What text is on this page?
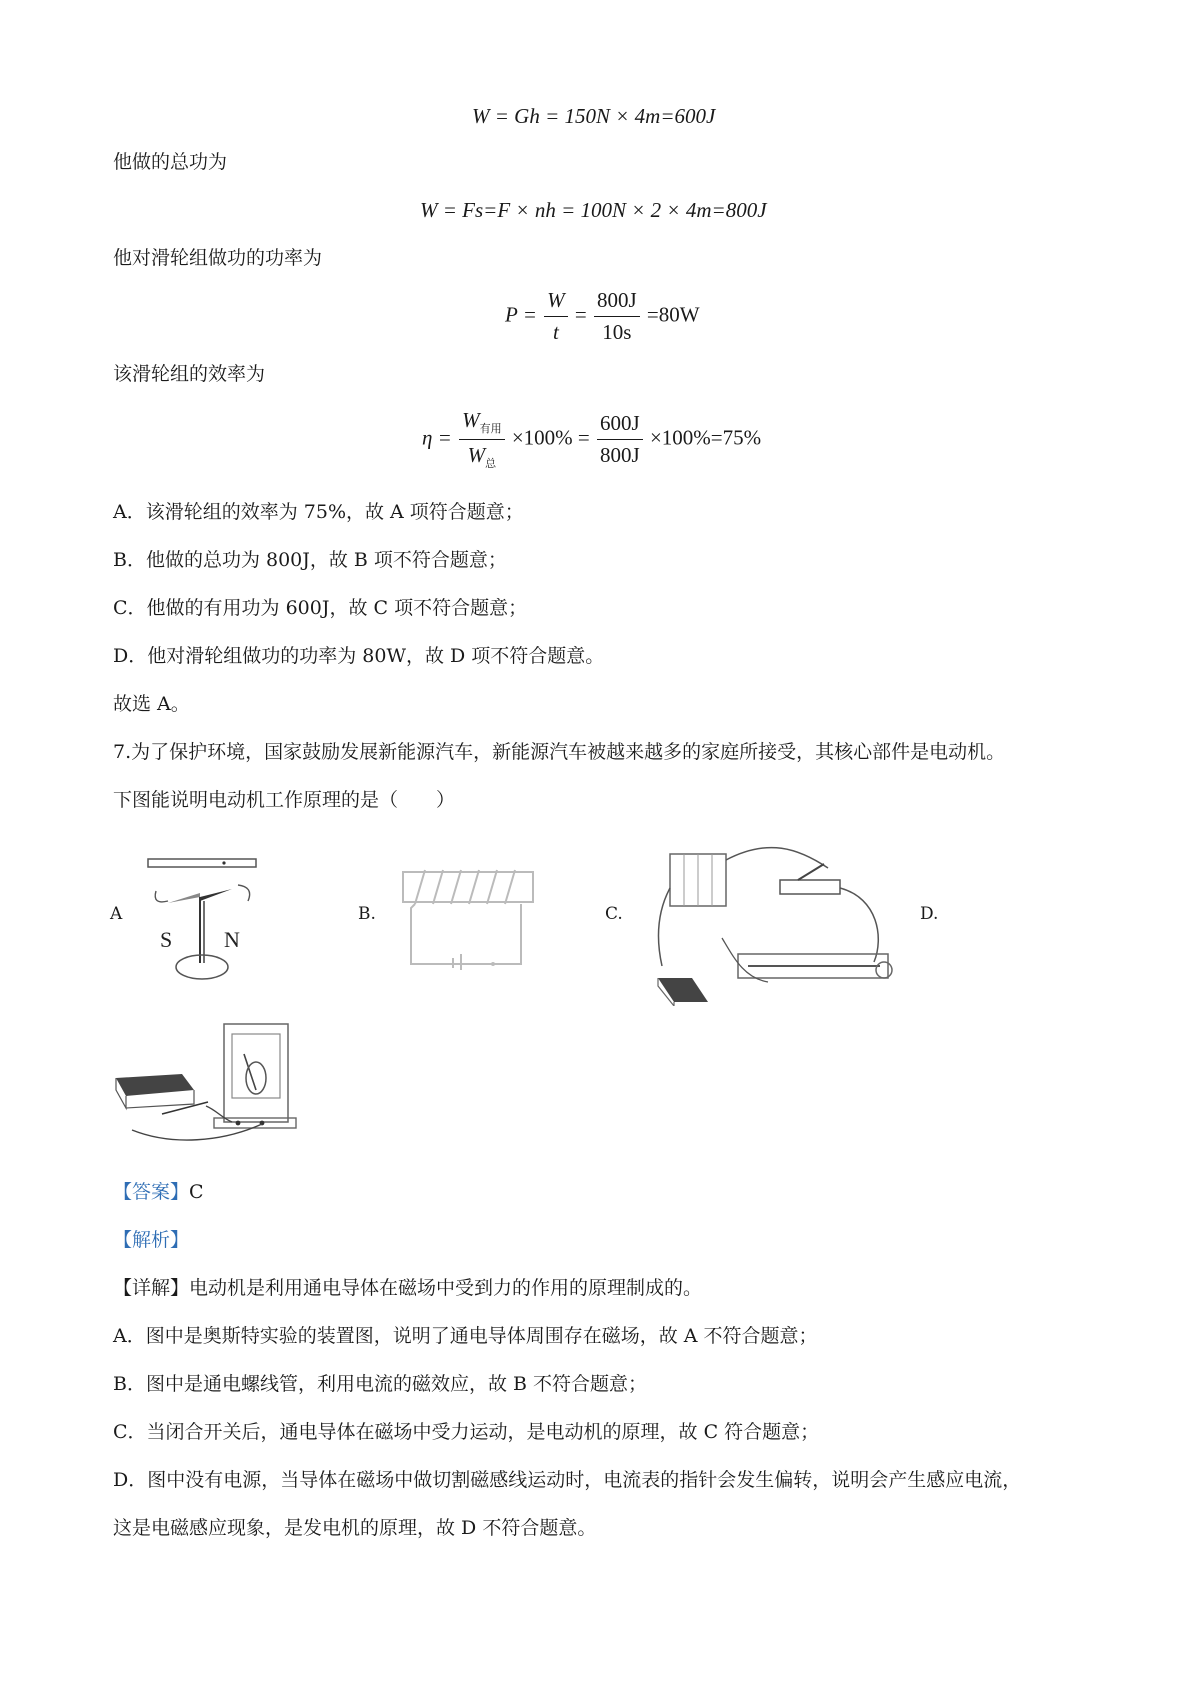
W = Gh = 150N × 4m=600J
他做的总功为
W = Fs=F × nh = 100N × 2 × 4m=800J
他对滑轮组做功的功率为
$P = \frac{W}{t} = \frac{800J}{10s} =80W$
该滑轮组的效率为
$\eta = \frac{W_{有用}}{W_总} \times 100\% = \frac{600J}{800J} \times 100\%=75\%$
A．该滑轮组的效率为 75%，故 A 项符合题意；
B．他做的总功为 800J，故 B 项不符合题意；
C．他做的有用功为 600J，故 C 项不符合题意；
D．他对滑轮组做功的功率为 80W，故 D 项不符合题意。
故选 A。
7.为了保护环境，国家鼓励发展新能源汽车，新能源汽车被越来越多的家庭所接受，其核心部件是电动机。
下图能说明电动机工作原理的是（　　）
A	B.	C.	D.
S N
【答案】C
【解析】
【详解】电动机是利用通电导体在磁场中受到力的作用的原理制成的。
A．图中是奥斯特实验的装置图，说明了通电导体周围存在磁场，故 A 不符合题意；
B．图中是通电螺线管，利用电流的磁效应，故 B 不符合题意；
C．当闭合开关后，通电导体在磁场中受力运动，是电动机的原理，故 C 符合题意；
D．图中没有电源，当导体在磁场中做切割磁感线运动时，电流表的指针会发生偏转，说明会产生感应电流，
这是电磁感应现象，是发电机的原理，故 D 不符合题意。
